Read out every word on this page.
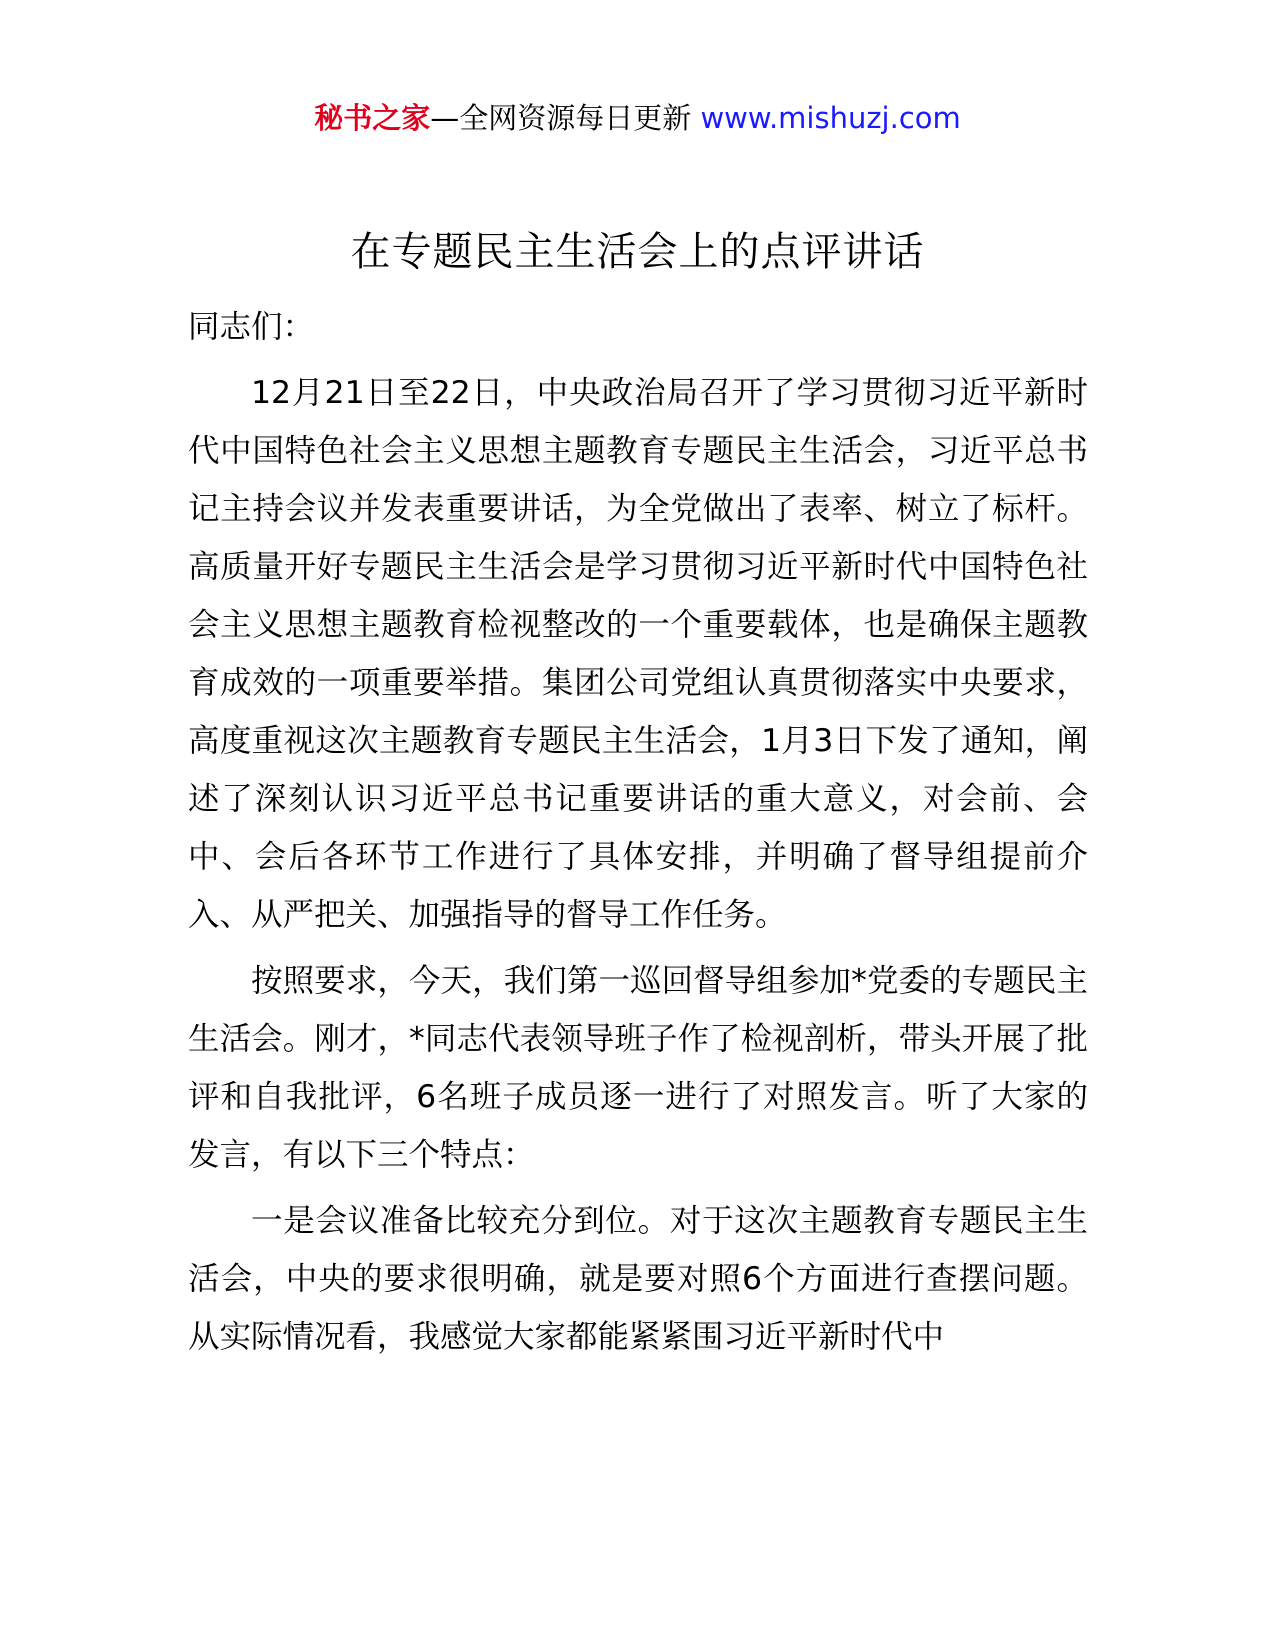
秘书之家—全网资源每日更新 www.mishuzj.com
在专题民主生活会上的点评讲话

同志们：

12月21日至22日，中央政治局召开了学习贯彻习近平新时代中国特色社会主义思想主题教育专题民主生活会，习近平总书记主持会议并发表重要讲话，为全党做出了表率、树立了标杆。高质量开好专题民主生活会是学习贯彻习近平新时代中国特色社会主义思想主题教育检视整改的一个重要载体，也是确保主题教育成效的一项重要举措。集团公司党组认真贯彻落实中央要求，高度重视这次主题教育专题民主生活会，1月3日下发了通知，阐述了深刻认识习近平总书记重要讲话的重大意义，对会前、会中、会后各环节工作进行了具体安排，并明确了督导组提前介入、从严把关、加强指导的督导工作任务。

按照要求，今天，我们第一巡回督导组参加*党委的专题民主生活会。刚才，*同志代表领导班子作了检视剖析，带头开展了批评和自我批评，6名班子成员逐一进行了对照发言。听了大家的发言，有以下三个特点：

一是会议准备比较充分到位。对于这次主题教育专题民主生活会，中央的要求很明确，就是要对照6个方面进行查摆问题。从实际情况看，我感觉大家都能紧紧围习近平新时代中
